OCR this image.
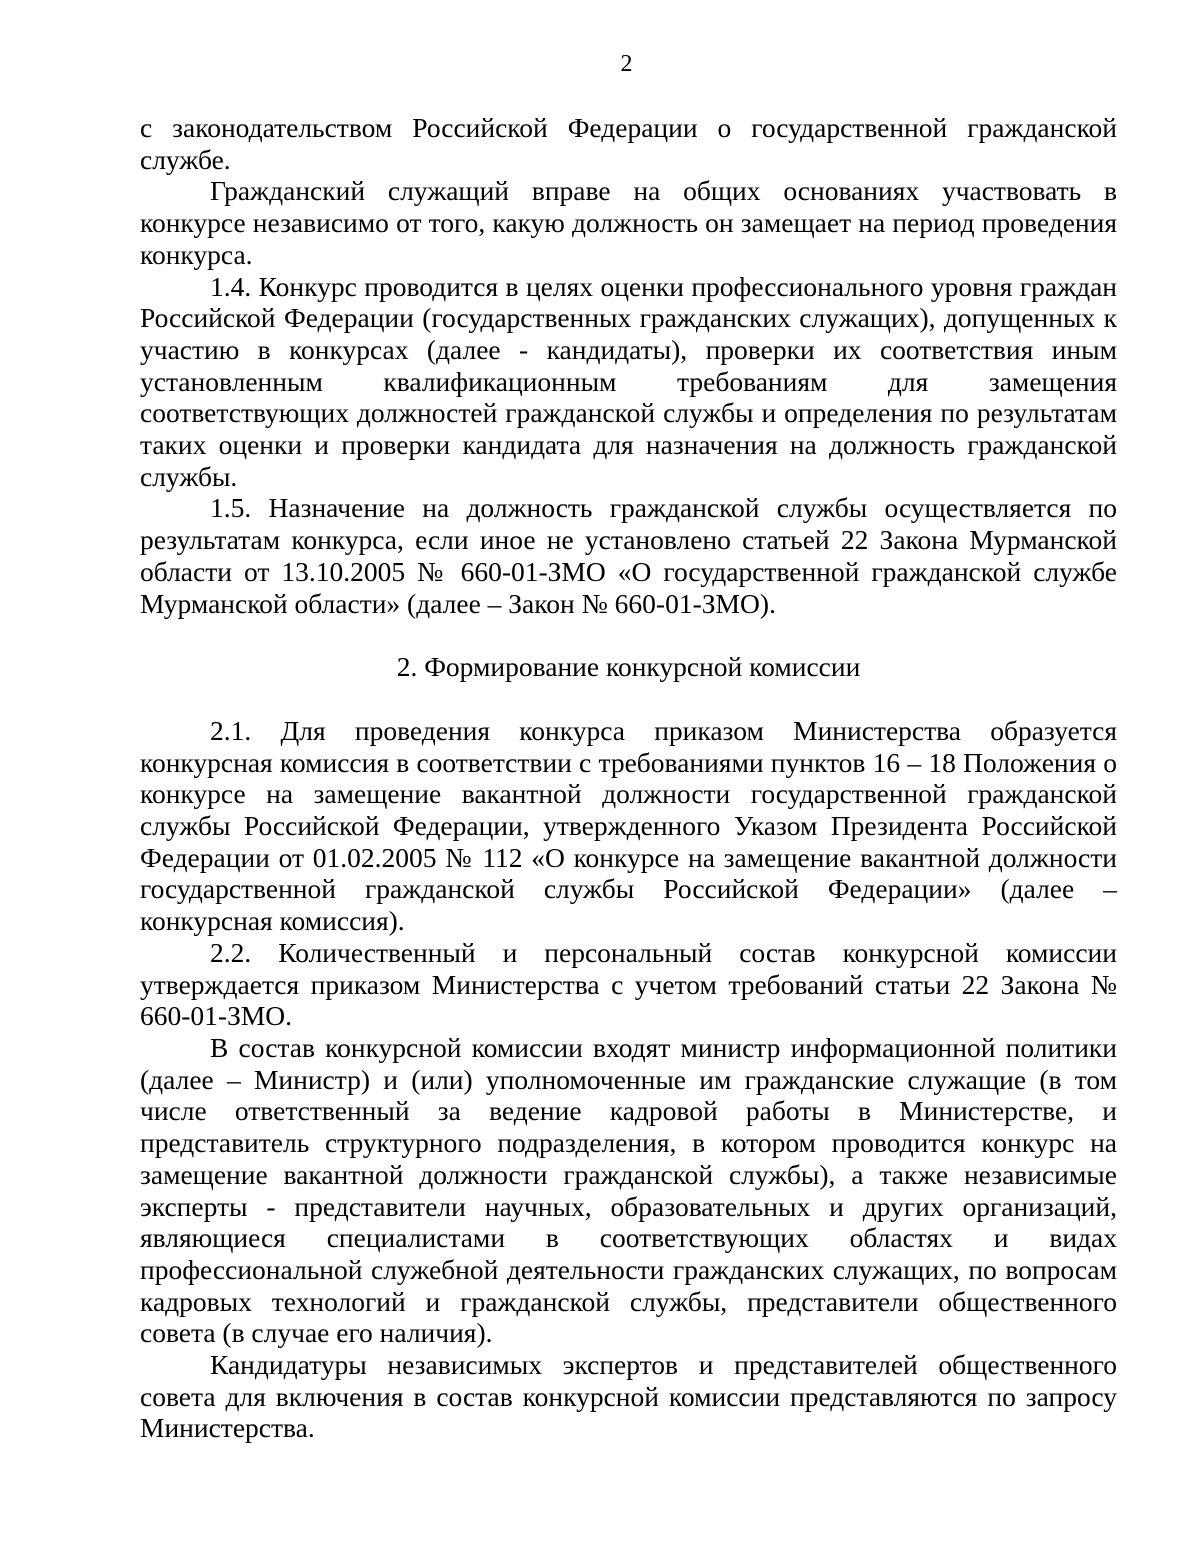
2

с законодательством Российской Федерации о государственной гражданской службе.

Гражданский служащий вправе на общих основаниях участвовать в конкурсе независимо от того, какую должность он замещает на период проведения конкурса.

1.4. Конкурс проводится в целях оценки профессионального уровня граждан Российской Федерации (государственных гражданских служащих), допущенных к участию в конкурсах (далее - кандидаты), проверки их соответствия иным установленным квалификационным требованиям для замещения соответствующих должностей гражданской службы и определения по результатам таких оценки и проверки кандидата для назначения на должность гражданской службы.

1.5. Назначение на должность гражданской службы осуществляется по результатам конкурса, если иное не установлено статьей 22 Закона Мурманской области от 13.10.2005 № 660-01-ЗМО «О государственной гражданской службе Мурманской области» (далее – Закон № 660-01-ЗМО).

2. Формирование конкурсной комиссии

2.1. Для проведения конкурса приказом Министерства образуется конкурсная комиссия в соответствии с требованиями пунктов 16 – 18 Положения о конкурсе на замещение вакантной должности государственной гражданской службы Российской Федерации, утвержденного Указом Президента Российской Федерации от 01.02.2005 № 112 «О конкурсе на замещение вакантной должности государственной гражданской службы Российской Федерации» (далее – конкурсная комиссия).

2.2. Количественный и персональный состав конкурсной комиссии утверждается приказом Министерства с учетом требований статьи 22 Закона № 660-01-ЗМО.

В состав конкурсной комиссии входят министр информационной политики (далее – Министр) и (или) уполномоченные им гражданские служащие (в том числе ответственный за ведение кадровой работы в Министерстве, и представитель структурного подразделения, в котором проводится конкурс на замещение вакантной должности гражданской службы), а также независимые эксперты - представители научных, образовательных и других организаций, являющиеся специалистами в соответствующих областях и видах профессиональной служебной деятельности гражданских служащих, по вопросам кадровых технологий и гражданской службы, представители общественного совета (в случае его наличия).

Кандидатуры независимых экспертов и представителей общественного совета для включения в состав конкурсной комиссии представляются по запросу Министерства.
